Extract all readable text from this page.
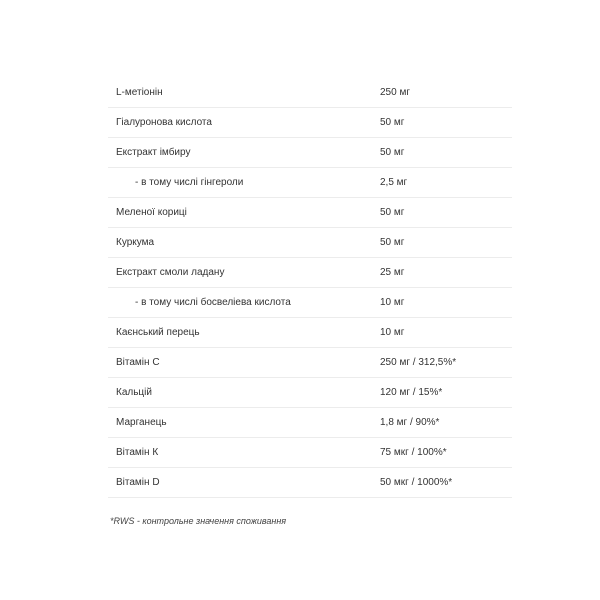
L-метіонін	250 мг
Гіалуронова кислота	50 мг
Екстракт імбиру	50 мг
- в тому числі гінгероли	2,5 мг
Меленої кориці	50 мг
Куркума	50 мг
Екстракт смоли ладану	25 мг
- в тому числі босвеліева кислота	10 мг
Каєнський перець	10 мг
Вітамін С	250 мг / 312,5%*
Кальцій	120 мг / 15%*
Марганець	1,8 мг / 90%*
Вітамін К	75 мкг / 100%*
Вітамін D	50 мкг / 1000%*
*RWS - контрольне значення споживання
